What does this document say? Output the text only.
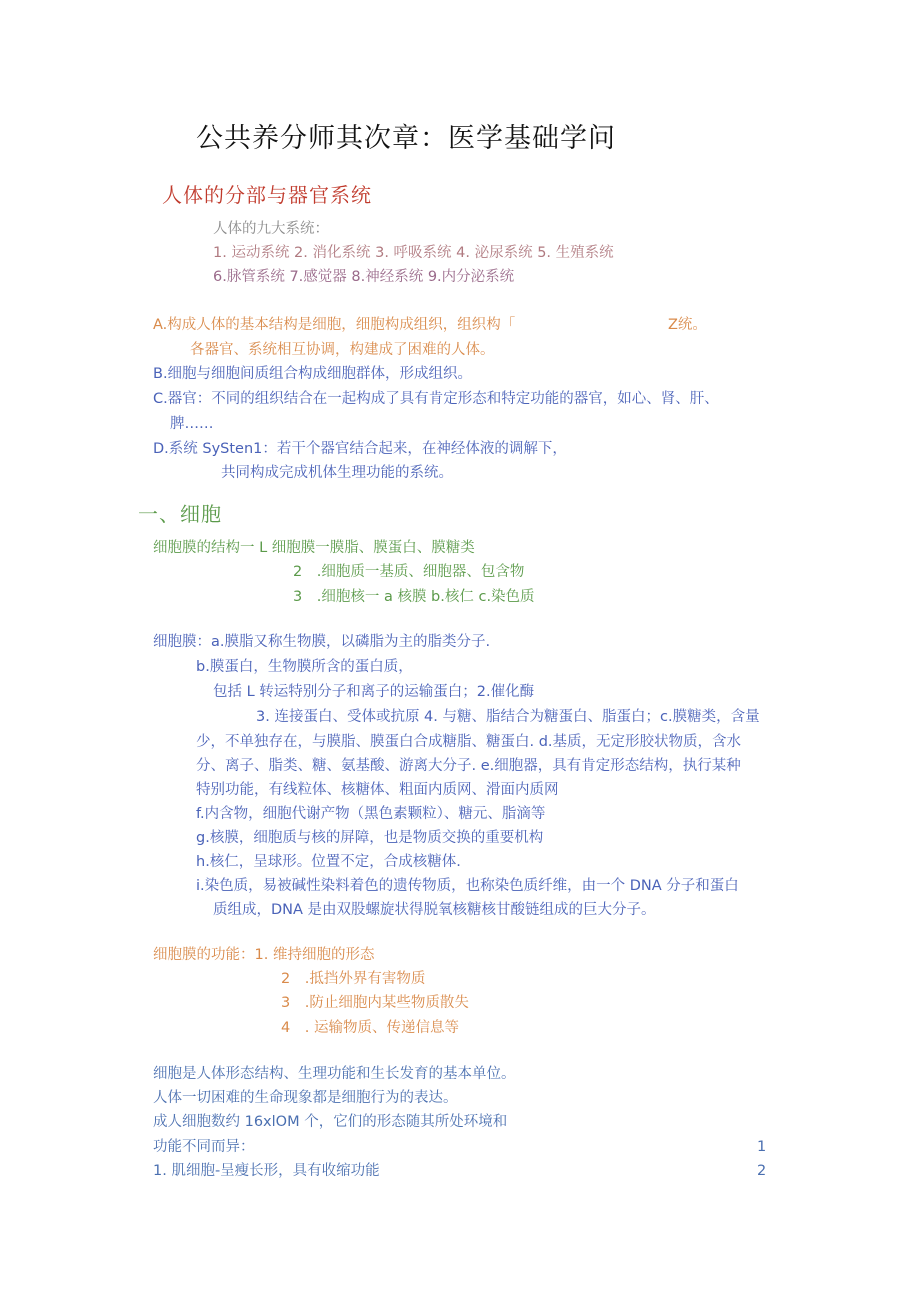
公共养分师其次章：医学基础学问
人体的分部与器官系统
人体的九大系统：
1. 运动系统 2. 消化系统 3. 呼吸系统 4. 泌尿系统 5. 生殖系统
6.脉管系统 7.感觉器 8.神经系统 9.内分泌系统
A.构成人体的基本结构是细胞，细胞构成组织，组织构「	Z统。
各器官、系统相互协调，构建成了困难的人体。
B.细胞与细胞间质组合构成细胞群体，形成组织。
C.器官：不同的组织结合在一起构成了具有肯定形态和特定功能的器官，如心、肾、肝、
脾……
D.系统 SySten1：若干个器官结合起来，在神经体液的调解下，
共同构成完成机体生理功能的系统。
一、细胞
细胞膜的结构一 L 细胞膜一膜脂、膜蛋白、膜糖类
2　.细胞质一基质、细胞器、包含物
3　.细胞核一 a 核膜 b.核仁 c.染色质
细胞膜：a.膜脂又称生物膜，以磷脂为主的脂类分子.
b.膜蛋白，生物膜所含的蛋白质，
包括 L 转运特别分子和离子的运输蛋白；2.催化酶
3. 连接蛋白、受体或抗原 4. 与糖、脂结合为糖蛋白、脂蛋白；c.膜糖类，含量
少，不单独存在，与膜脂、膜蛋白合成糖脂、糖蛋白. d.基质，无定形胶状物质，含水
分、离子、脂类、糖、氨基酸、游离大分子. e.细胞器，具有肯定形态结构，执行某种
特别功能，有线粒体、核糖体、粗面内质网、滑面内质网
f.内含物，细胞代谢产物（黑色素颗粒）、糖元、脂滴等
g.核膜，细胞质与核的屏障，也是物质交换的重要机构
h.核仁，呈球形。位置不定，合成核糖体.
i.染色质，易被碱性染料着色的遗传物质，也称染色质纤维，由一个 DNA 分子和蛋白
质组成，DNA 是由双股螺旋状得脱氧核糖核甘酸链组成的巨大分子。
细胞膜的功能：1. 维持细胞的形态
2　.抵挡外界有害物质
3　.防止细胞内某些物质散失
4　. 运输物质、传递信息等
细胞是人体形态结构、生理功能和生长发育的基本单位。
人体一切困难的生命现象都是细胞行为的表达。
成人细胞数约 16xlOM 个，它们的形态随其所处环境和
功能不同而异：	1
1. 肌细胞-呈瘦长形，具有收缩功能	2
